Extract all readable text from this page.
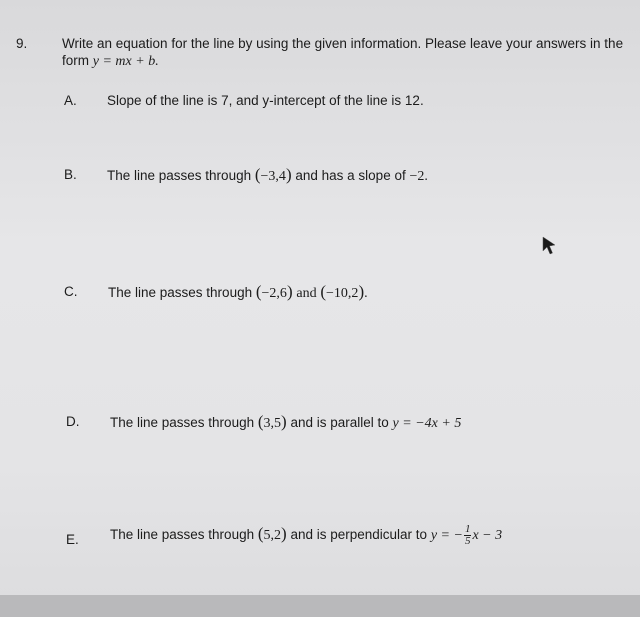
9.	Write an equation for the line by using the given information. Please leave your answers in the
form y = mx + b.
A. Slope of the line is 7, and y-intercept of the line is 12.
B. The line passes through (−3,4) and has a slope of −2.
C. The line passes through (−2,6) and (−10,2).
D. The line passes through (3,5) and is parallel to y = −4x + 5
E. The line passes through (5,2) and is perpendicular to y = − $\frac{1}{5}$ x − 3
